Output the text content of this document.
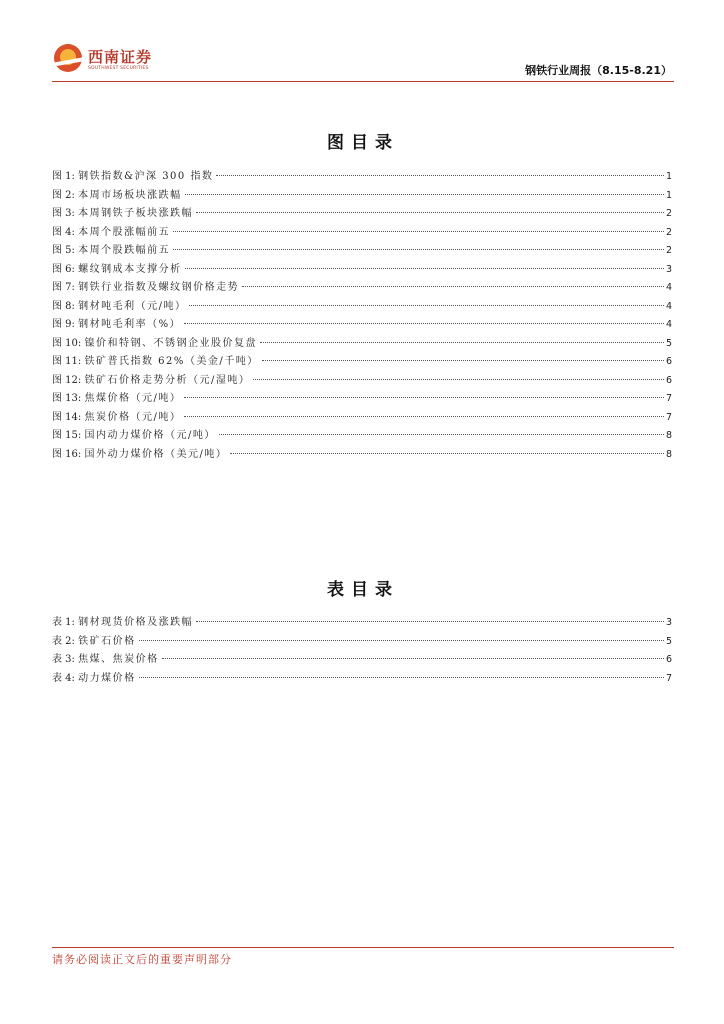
西南证券
SOUTHWEST SECURITIES	钢铁行业周报（8.15-8.21）
图目录
图 1: 钢铁指数&沪深 300 指数	1
图 2: 本周市场板块涨跌幅	1
图 3: 本周钢铁子板块涨跌幅	2
图 4: 本周个股涨幅前五	2
图 5: 本周个股跌幅前五	2
图 6: 螺纹钢成本支撑分析	3
图 7: 钢铁行业指数及螺纹钢价格走势	4
图 8: 钢材吨毛利（元/吨）	4
图 9: 钢材吨毛利率（%）	4
图 10: 镍价和特钢、不锈钢企业股价复盘	5
图 11: 铁矿普氏指数 62%（美金/千吨）	6
图 12: 铁矿石价格走势分析（元/湿吨）	6
图 13: 焦煤价格（元/吨）	7
图 14: 焦炭价格（元/吨）	7
图 15: 国内动力煤价格（元/吨）	8
图 16: 国外动力煤价格（美元/吨）	8
表目录
表 1: 钢材现货价格及涨跌幅	3
表 2: 铁矿石价格	5
表 3: 焦煤、焦炭价格	6
表 4: 动力煤价格	7
请务必阅读正文后的重要声明部分
